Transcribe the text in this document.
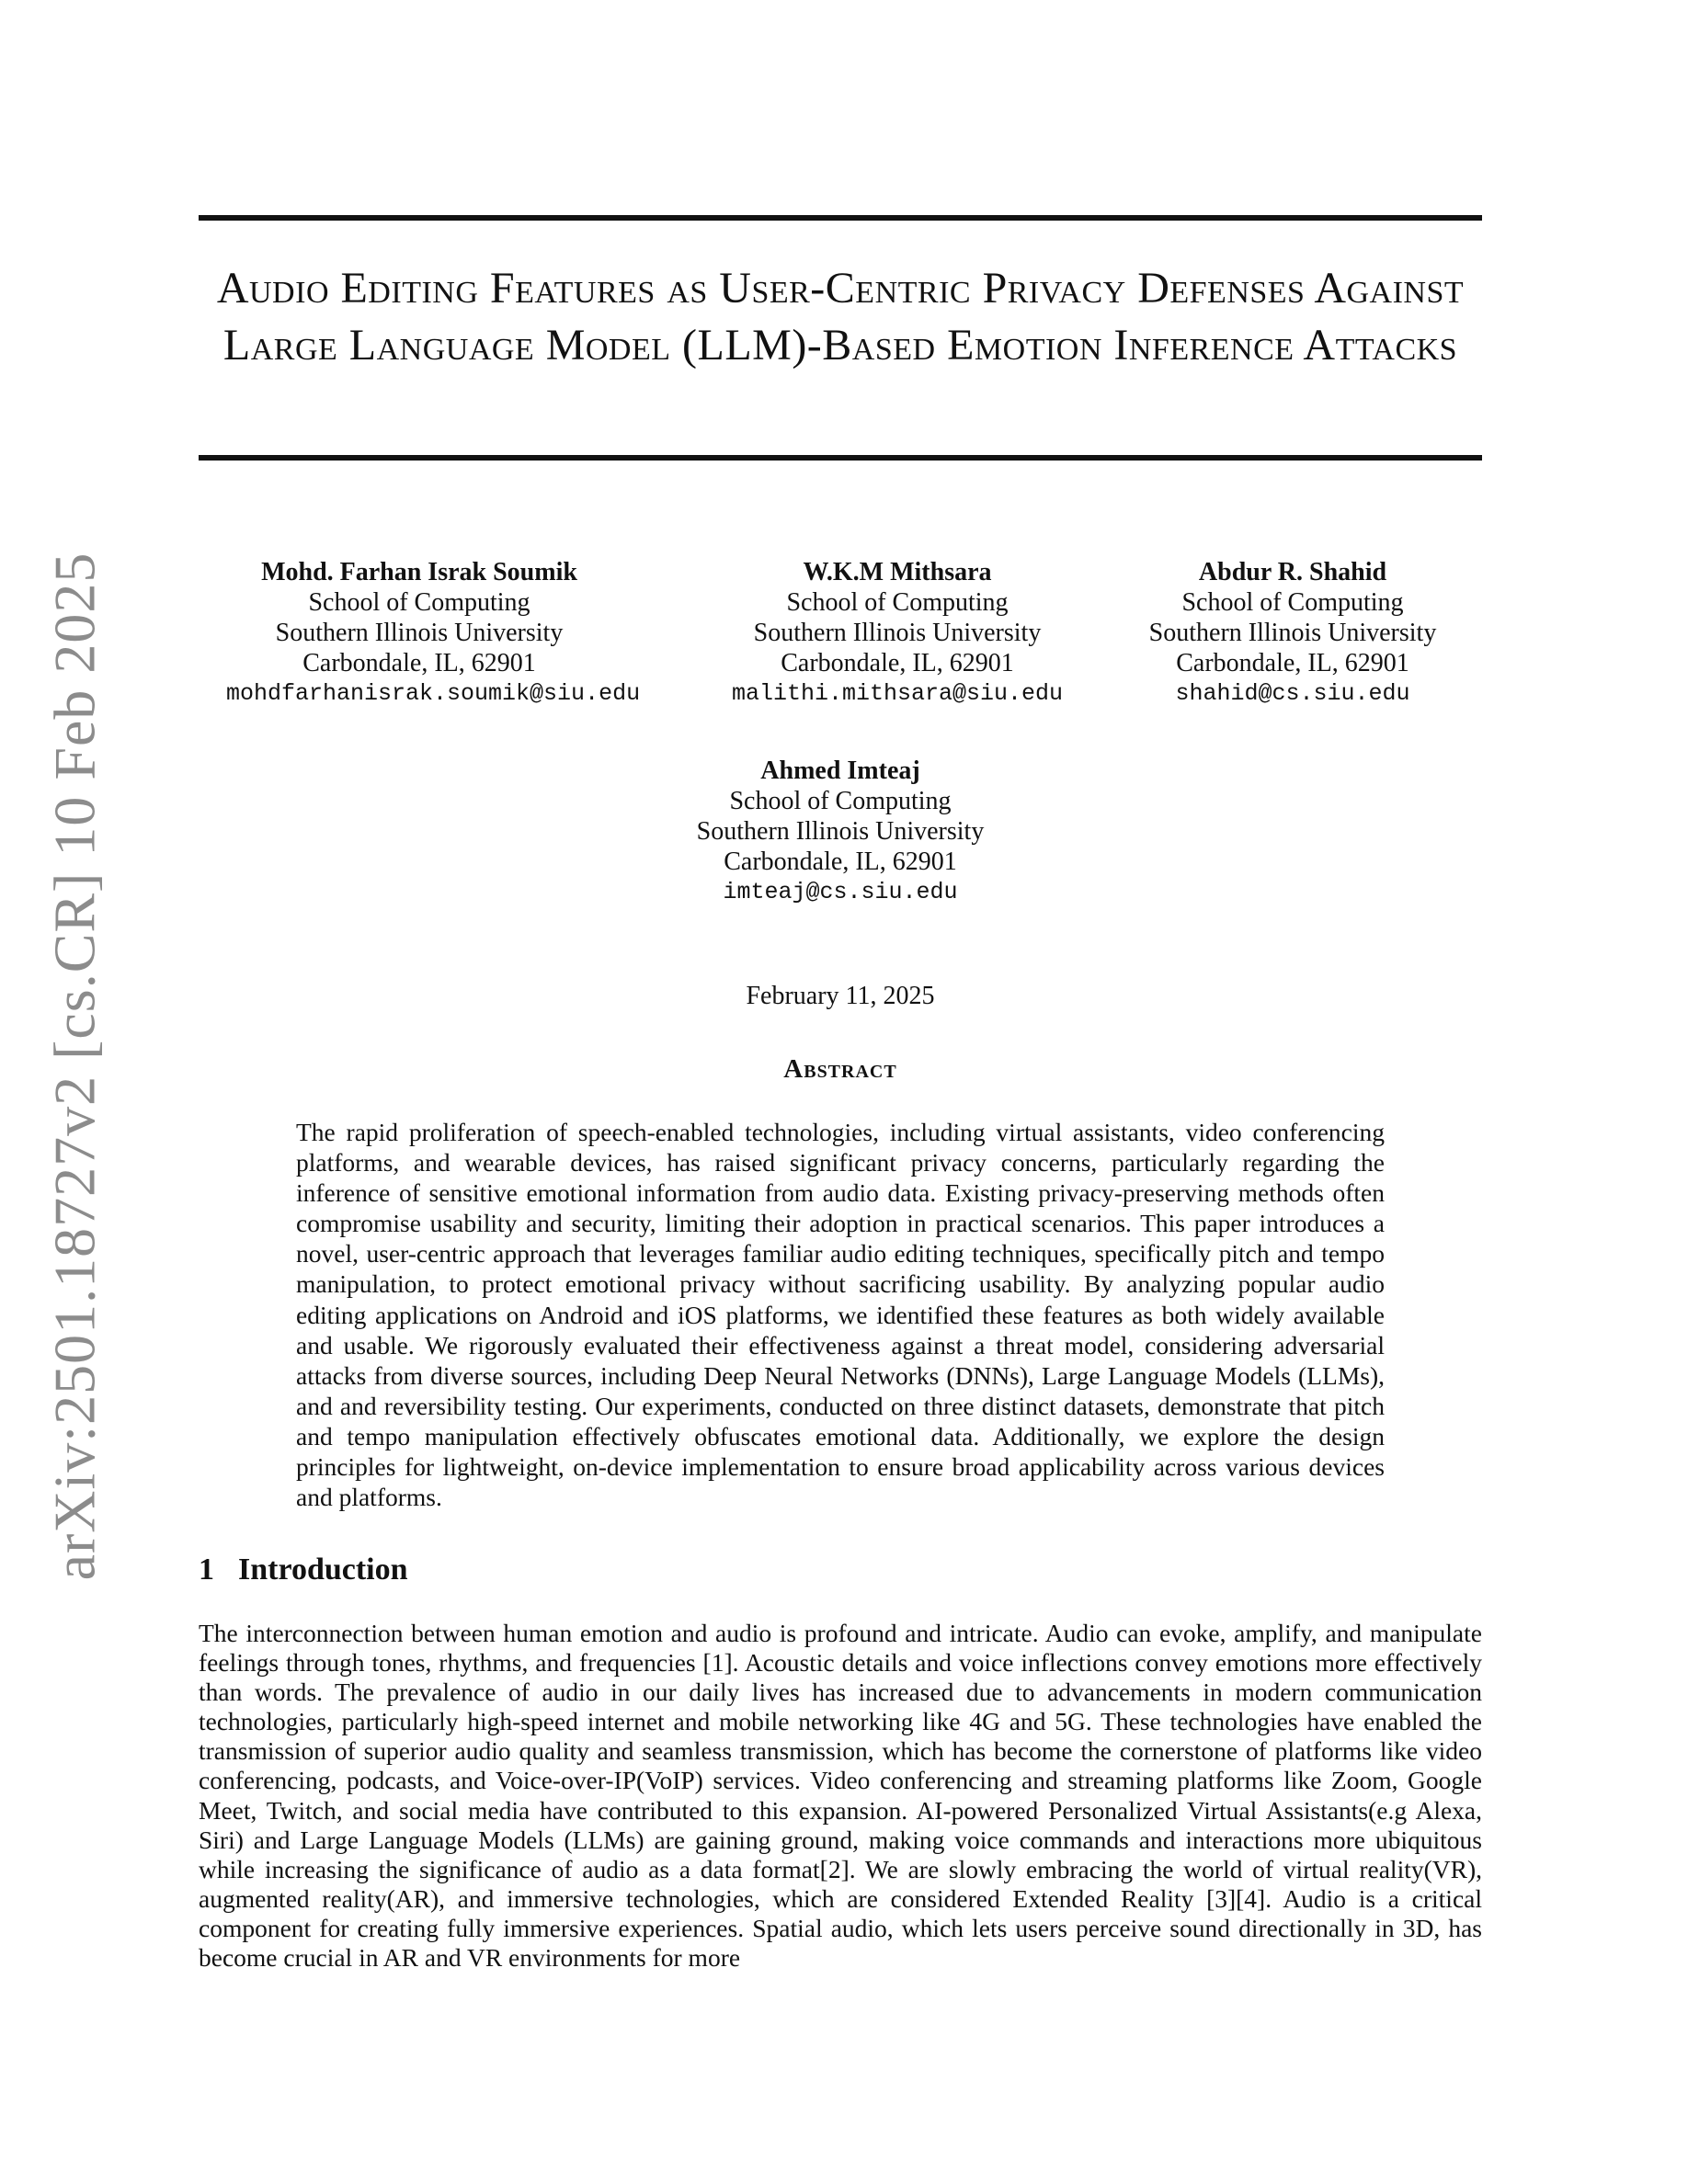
arXiv:2501.18727v2 [cs.CR] 10 Feb 2025
Audio Editing Features as User-Centric Privacy Defenses Against Large Language Model (LLM)-Based Emotion Inference Attacks
Mohd. Farhan Israk Soumik
School of Computing
Southern Illinois University
Carbondale, IL, 62901
mohdfarhanisrak.soumik@siu.edu
W.K.M Mithsara
School of Computing
Southern Illinois University
Carbondale, IL, 62901
malithi.mithsara@siu.edu
Abdur R. Shahid
School of Computing
Southern Illinois University
Carbondale, IL, 62901
shahid@cs.siu.edu
Ahmed Imteaj
School of Computing
Southern Illinois University
Carbondale, IL, 62901
imteaj@cs.siu.edu
February 11, 2025
Abstract

The rapid proliferation of speech-enabled technologies, including virtual assistants, video conferencing platforms, and wearable devices, has raised significant privacy concerns, particularly regarding the inference of sensitive emotional information from audio data. Existing privacy-preserving methods often compromise usability and security, limiting their adoption in practical scenarios. This paper introduces a novel, user-centric approach that leverages familiar audio editing techniques, specifically pitch and tempo manipulation, to protect emotional privacy without sacrificing usability. By analyzing popular audio editing applications on Android and iOS platforms, we identified these features as both widely available and usable. We rigorously evaluated their effectiveness against a threat model, considering adversarial attacks from diverse sources, including Deep Neural Networks (DNNs), Large Language Models (LLMs), and and reversibility testing. Our experiments, conducted on three distinct datasets, demonstrate that pitch and tempo manipulation effectively obfuscates emotional data. Additionally, we explore the design principles for lightweight, on-device implementation to ensure broad applicability across various devices and platforms.

1 Introduction

The interconnection between human emotion and audio is profound and intricate. Audio can evoke, amplify, and manipulate feelings through tones, rhythms, and frequencies [1]. Acoustic details and voice inflections convey emotions more effectively than words. The prevalence of audio in our daily lives has increased due to advancements in modern communication technologies, particularly high-speed internet and mobile networking like 4G and 5G. These technologies have enabled the transmission of superior audio quality and seamless transmission, which has become the cornerstone of platforms like video conferencing, podcasts, and Voice-over-IP(VoIP) services. Video conferencing and streaming platforms like Zoom, Google Meet, Twitch, and social media have contributed to this expansion. AI-powered Personalized Virtual Assistants(e.g Alexa, Siri) and Large Language Models (LLMs) are gaining ground, making voice commands and interactions more ubiquitous while increasing the significance of audio as a data format[2]. We are slowly embracing the world of virtual reality(VR), augmented reality(AR), and immersive technologies, which are considered Extended Reality [3][4]. Audio is a critical component for creating fully immersive experiences. Spatial audio, which lets users perceive sound directionally in 3D, has become crucial in AR and VR environments for more
